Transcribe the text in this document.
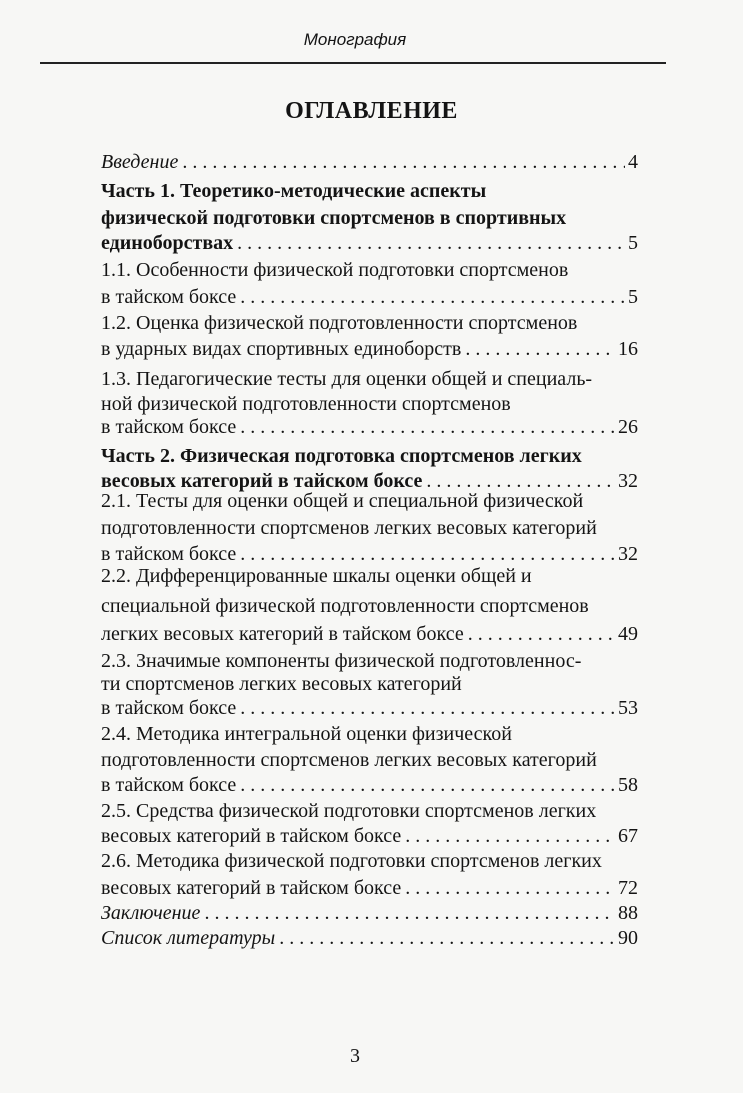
Монография
ОГЛАВЛЕНИЕ
Введение . . .	4
Часть 1. Теоретико-методические аспекты
физической подготовки спортсменов в спортивных
единоборствах . . .	5
1.1. Особенности физической подготовки спортсменов
в тайском боксе . . .	5
1.2. Оценка физической подготовленности спортсменов
в ударных видах спортивных единоборств . . .	16
1.3. Педагогические тесты для оценки общей и специаль-
ной физической подготовленности спортсменов
в тайском боксе . . .	26
Часть 2. Физическая подготовка спортсменов легких
весовых категорий в тайском боксе . . .	32
2.1. Тесты для оценки общей и специальной физической
подготовленности спортсменов легких весовых категорий
в тайском боксе . . .	32
2.2. Дифференцированные шкалы оценки общей и
специальной физической подготовленности спортсменов
легких весовых категорий в тайском боксе . . .	49
2.3. Значимые компоненты физической подготовленнос-
ти спортсменов легких весовых категорий
в тайском боксе . . .	53
2.4. Методика интегральной оценки физической
подготовленности спортсменов легких весовых категорий
в тайском боксе . . .	58
2.5. Средства физической подготовки спортсменов легких
весовых категорий в тайском боксе . . .	67
2.6. Методика физической подготовки спортсменов легких
весовых категорий в тайском боксе . . .	72
Заключение . . .	88
Список литературы . . .	90
3
